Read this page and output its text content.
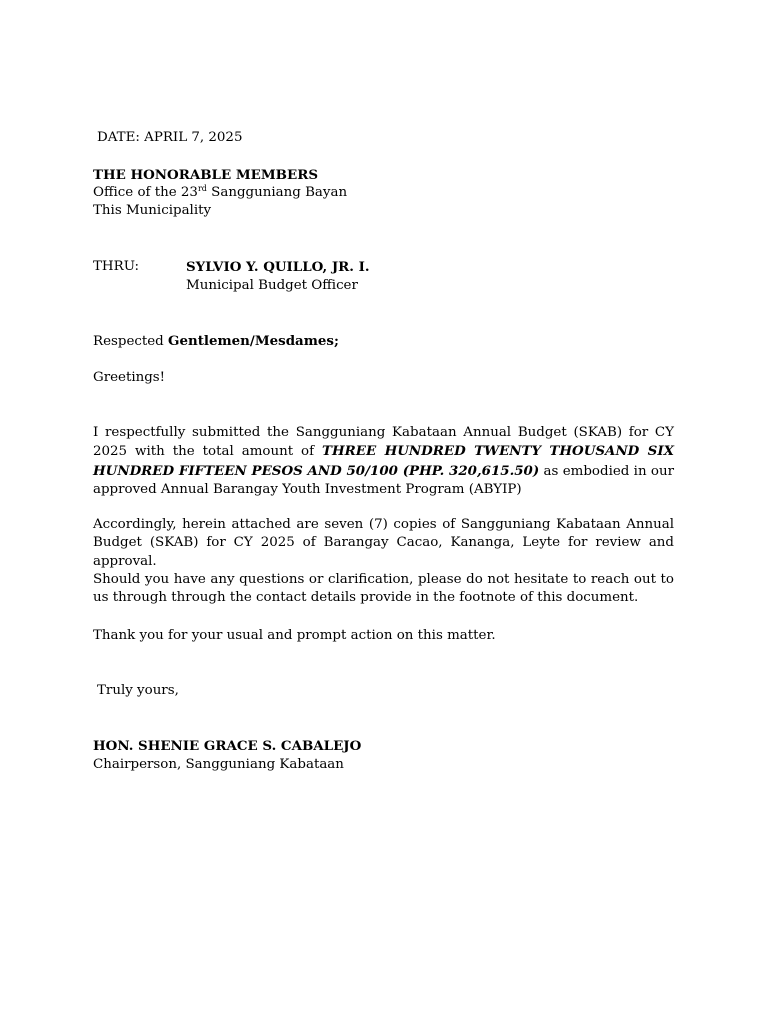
DATE: APRIL 7, 2025
THE HONORABLE MEMBERS
Office of the 23rd Sangguniang Bayan
This Municipality
THRU:	SYLVIO Y. QUILLO, JR. I.
Municipal Budget Officer
Respected Gentlemen/Mesdames;
Greetings!
I respectfully submitted the Sangguniang Kabataan Annual Budget (SKAB) for CY 2025 with the total amount of THREE HUNDRED TWENTY THOUSAND SIX HUNDRED FIFTEEN PESOS AND 50/100 (PHP. 320,615.50) as embodied in our approved Annual Barangay Youth Investment Program (ABYIP)
Accordingly, herein attached are seven (7) copies of Sangguniang Kabataan Annual Budget (SKAB) for CY 2025 of Barangay Cacao, Kananga, Leyte for review and approval.
Should you have any questions or clarification, please do not hesitate to reach out to us through through the contact details provide in the footnote of this document.
Thank you for your usual and prompt action on this matter.
Truly yours,
HON. SHENIE GRACE S. CABALEJO
Chairperson, Sangguniang Kabataan
